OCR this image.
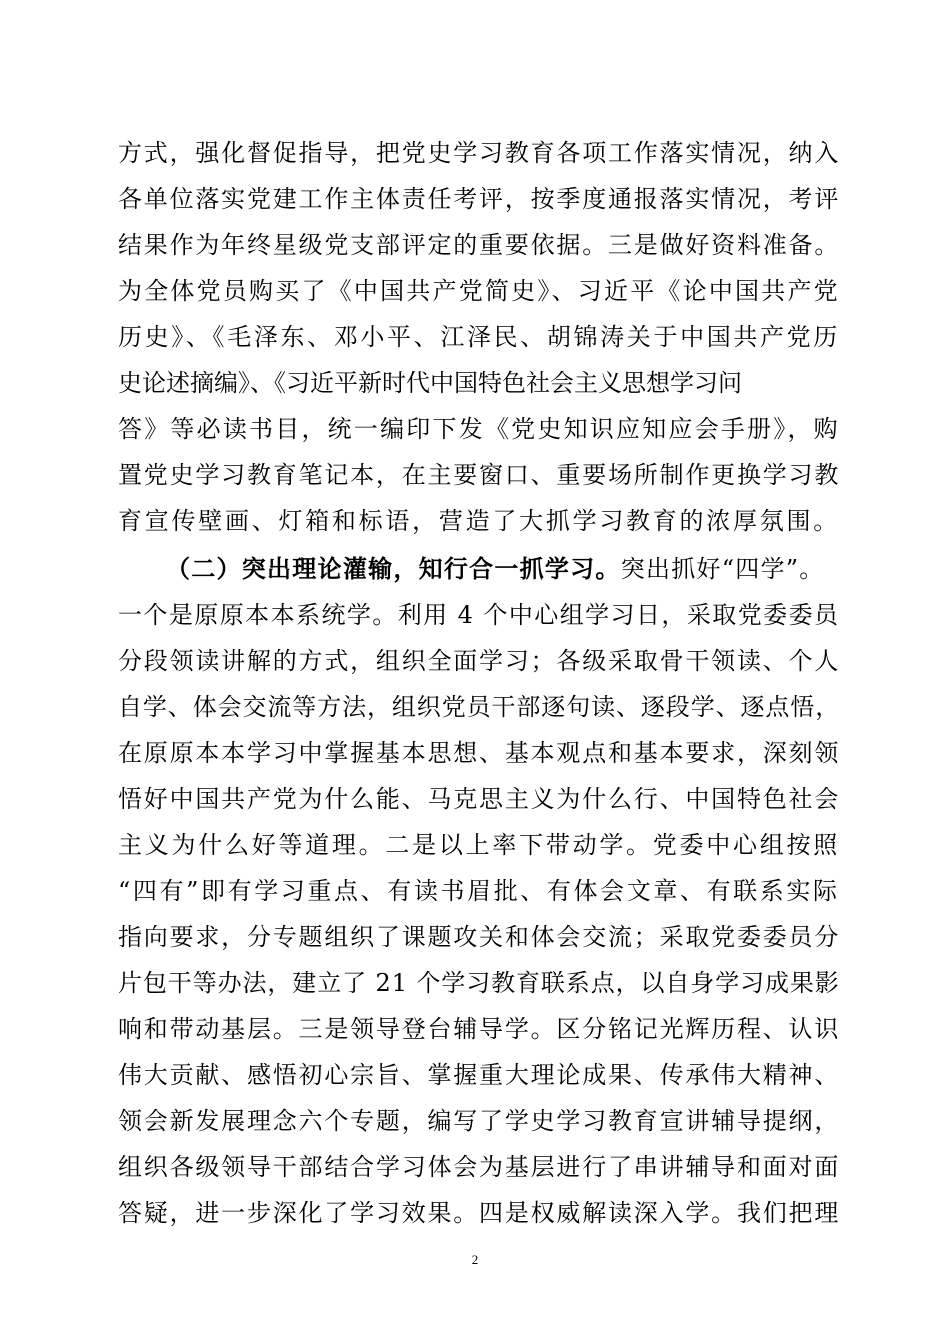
方式，强化督促指导，把党史学习教育各项工作落实情况，纳入
各单位落实党建工作主体责任考评，按季度通报落实情况，考评
结果作为年终星级党支部评定的重要依据。三是做好资料准备。
为全体党员购买了《中国共产党简史》、习近平《论中国共产党
历史》、《毛泽东、邓小平、江泽民、胡锦涛关于中国共产党历
史论述摘编》、《习近平新时代中国特色社会主义思想学习问
答》等必读书目，统一编印下发《党史知识应知应会手册》，购
置党史学习教育笔记本，在主要窗口、重要场所制作更换学习教
育宣传壁画、灯箱和标语，营造了大抓学习教育的浓厚氛围。
（二）突出理论灌输，知行合一抓学习。突出抓好“四学”。
一个是原原本本系统学。利用 4 个中心组学习日，采取党委委员
分段领读讲解的方式，组织全面学习；各级采取骨干领读、个人
自学、体会交流等方法，组织党员干部逐句读、逐段学、逐点悟，
在原原本本学习中掌握基本思想、基本观点和基本要求，深刻领
悟好中国共产党为什么能、马克思主义为什么行、中国特色社会
主义为什么好等道理。二是以上率下带动学。党委中心组按照
“四有”即有学习重点、有读书眉批、有体会文章、有联系实际
指向要求，分专题组织了课题攻关和体会交流；采取党委委员分
片包干等办法，建立了 21 个学习教育联系点，以自身学习成果影
响和带动基层。三是领导登台辅导学。区分铭记光辉历程、认识
伟大贡献、感悟初心宗旨、掌握重大理论成果、传承伟大精神、
领会新发展理念六个专题，编写了学史学习教育宣讲辅导提纲，
组织各级领导干部结合学习体会为基层进行了串讲辅导和面对面
答疑，进一步深化了学习效果。四是权威解读深入学。我们把理
2
